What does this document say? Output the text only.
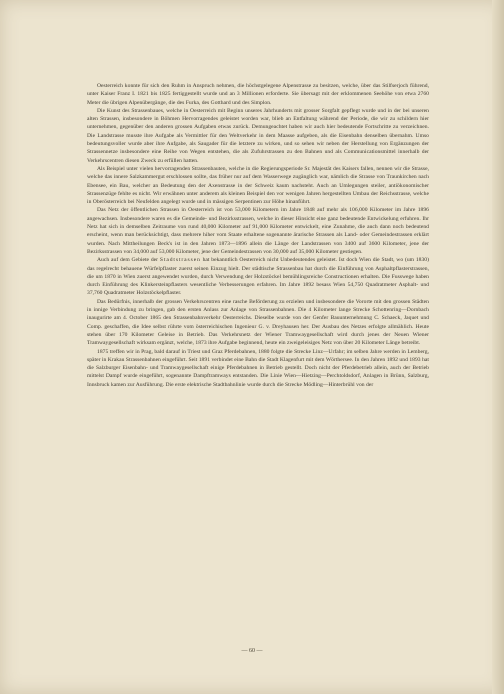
Oesterreich konnte für sich den Ruhm in Anspruch nehmen, die höchstgelegene Alpenstrasse zu besitzen, welche, über das Stilfserjoch führend, unter Kaiser Franz I. 1821 bis 1825 fertiggestellt wurde und an 3 Millionen erforderte. Sie übersagt mit der erklommenen Seehöhe von etwa 2760 Meter die übrigen Alpenübergänge, die des Furka, des Gotthard und des Simplon.

Die Kunst des Strassenbaues, welche in Oesterreich mit Beginn unseres Jahrhunderts mit grosser Sorgfalt gepflegt wurde und in der bei unseren alten Strassen, insbesondere in Böhmen Hervorragendes geleistet worden war, blieb an Entfaltung während der Periode, die wir zu schildern hier unternehmen, gegenüber den anderen grossen Aufgaben etwas zurück. Demungeachtet haben wir auch hier bedeutende Fortschritte zu verzeichnen. Die Landstrasse musste ihre Aufgabe als Vermittler für den Weltverkehr in dem Maasse aufgeben, als die Eisenbahn denselben übernahm. Umso bedeutungsvoller wurde aber ihre Aufgabe, als Saugader für die letztere zu wirken, und so sehen wir neben der Herstellung von Ergänzungen der Strassennetze insbesondere eine Reihe von Wegen entstehen, die als Zufuhrstrassen zu den Bahnen und als Communicationsmittel innerhalb der Verkehrscentren diesen Zweck zu erfüllen hatten.

Als Beispiel unter vielen hervorragenden Strassenbauten, welche in die Regierungsperiode Sr. Majestät des Kaisers fallen, nennen wir die Strasse, welche das innere Salzkammergut erschlossen sollte, das früher nur auf dem Wasserwege zugänglich war, nämlich die Strasse von Traunkirchen nach Ebensee, ein Bau, welcher an Bedeutung den der Axenstrasse in der Schweiz kaum nachsteht. Auch an Umlegungen steiler, antiökonomischer Strassenzüge fehlte es nicht. Wir erwähnen unter anderem als kleinen Beispiel den vor wenigen Jahren hergestellten Umbau der Reichsstrasse, welche in Oberösterreich bei Neufelden angelegt wurde und in mässigen Serpentinen zur Höhe hinanführt.

Das Netz der öffentlichen Strassen in Oesterreich ist von 53,000 Kilometern im Jahre 1848 auf mehr als 106,000 Kilometer im Jahre 1896 angewachsen. Insbesondere waren es die Gemeinde- und Bezirksstrassen, welche in dieser Hinsicht eine ganz bedeutende Entwickelung erfuhren. Ihr Netz hat sich in demselben Zeitraume von rund 40,000 Kilometer auf 91,000 Kilometer entwickelt, eine Zunahme, die auch dann noch bedeutend erscheint, wenn man berücksichtigt, dass mehrere hiher vom Staate erhaltene sogenannte ärarische Strassen als Land- oder Gemeindestrassen erklärt wurden. Nach Mittheilungen Beck's ist in den Jahren 1873—1896 allein die Länge der Landstrassen von 3400 auf 3600 Kilometer, jene der Bezirksstrassen von 34,000 auf 53,000 Kilometer, jene der Gemeindestrassen von 30,000 auf 35,000 Kilometer gestiegen.

Auch auf dem Gebiete der Stadtstrassen hat bekanntlich Oesterreich nicht Unbedeutendes geleistet. Ist doch Wien die Stadt, wo (um 1830) das regelrecht behauene Würfelpflaster zuerst seinen Einzug hielt. Der städtische Strassenbau hat durch die Einführung von Asphaltpflasterstrassen, die um 1870 in Wien zuerst angewendet wurden, durch Verwendung der Holzstöckel bemühlingsreiche Constructionen erhalten. Die Fusswege haben durch Einführung des Klinkersteinpflasters wesentliche Verbesserungen erfahren. Im Jahre 1892 besass Wien 54,750 Quadratmeter Asphalt- und 37,760 Quadratmeter Holzstöckelpflaster.

Das Bedürfnis, innerhalb der grossen Verkehrscentren eine rasche Beförderung zu erzielen und insbesondere die Vororte mit den grossen Städten in innige Verbindung zu bringen, gab den ersten Anlass zur Anlage von Strassenbahnen. Die 4 Kilometer lange Strecke Schottenring—Dornbach inaugurirte am 4. October 1865 den Strassenbahnverkehr Oesterreichs. Dieselbe wurde von der Genfer Bauunternehmung C. Schaeck, Jaquet und Comp. geschaffen, die Idee selbst rührte vom österreichischen Ingenieur G. v. Dreyhausen her. Der Ausbau des Netzes erfolgte allmählich. Heute stehen über 170 Kilometer Geleise in Betrieb. Das Verkehrsnetz der Wiener Tramwaygesellschaft wird durch jenes der Neuen Wiener Tramwaygesellschaft wirksam ergänzt, welche, 1873 ihre Aufgabe beginnend, heute ein zweigeleisiges Netz von über 20 Kilometer Länge betreibt.

1875 treffen wir in Prag, bald darauf in Triest und Graz Pferdebahnen, 1880 folgte die Strecke Linz—Urfahr; im selben Jahre werden in Lemberg, später in Krakau Strassenbahnen eingeführt. Seit 1891 verbindet eine Bahn die Stadt Klagenfurt mit dem Wörthersee. In den Jahren 1892 und 1893 hat die Salzburger Eisenbahn- und Tramwaygesellschaft einige Pferdebahnen in Betrieb gestellt. Doch nicht der Pferdebetrieb allein, auch der Betrieb mittelst Dampf wurde eingeführt, sogenannte Dampftramways entstanden. Die Linie Wien—Hietzing—Perchtoldsdorf, Anlagen in Brünn, Salzburg, Innsbruck kamen zur Ausführung. Die erste elektrische Stadtbahnlinie wurde durch die Strecke Mödling—Hinterbrühl von der

— 60 —
